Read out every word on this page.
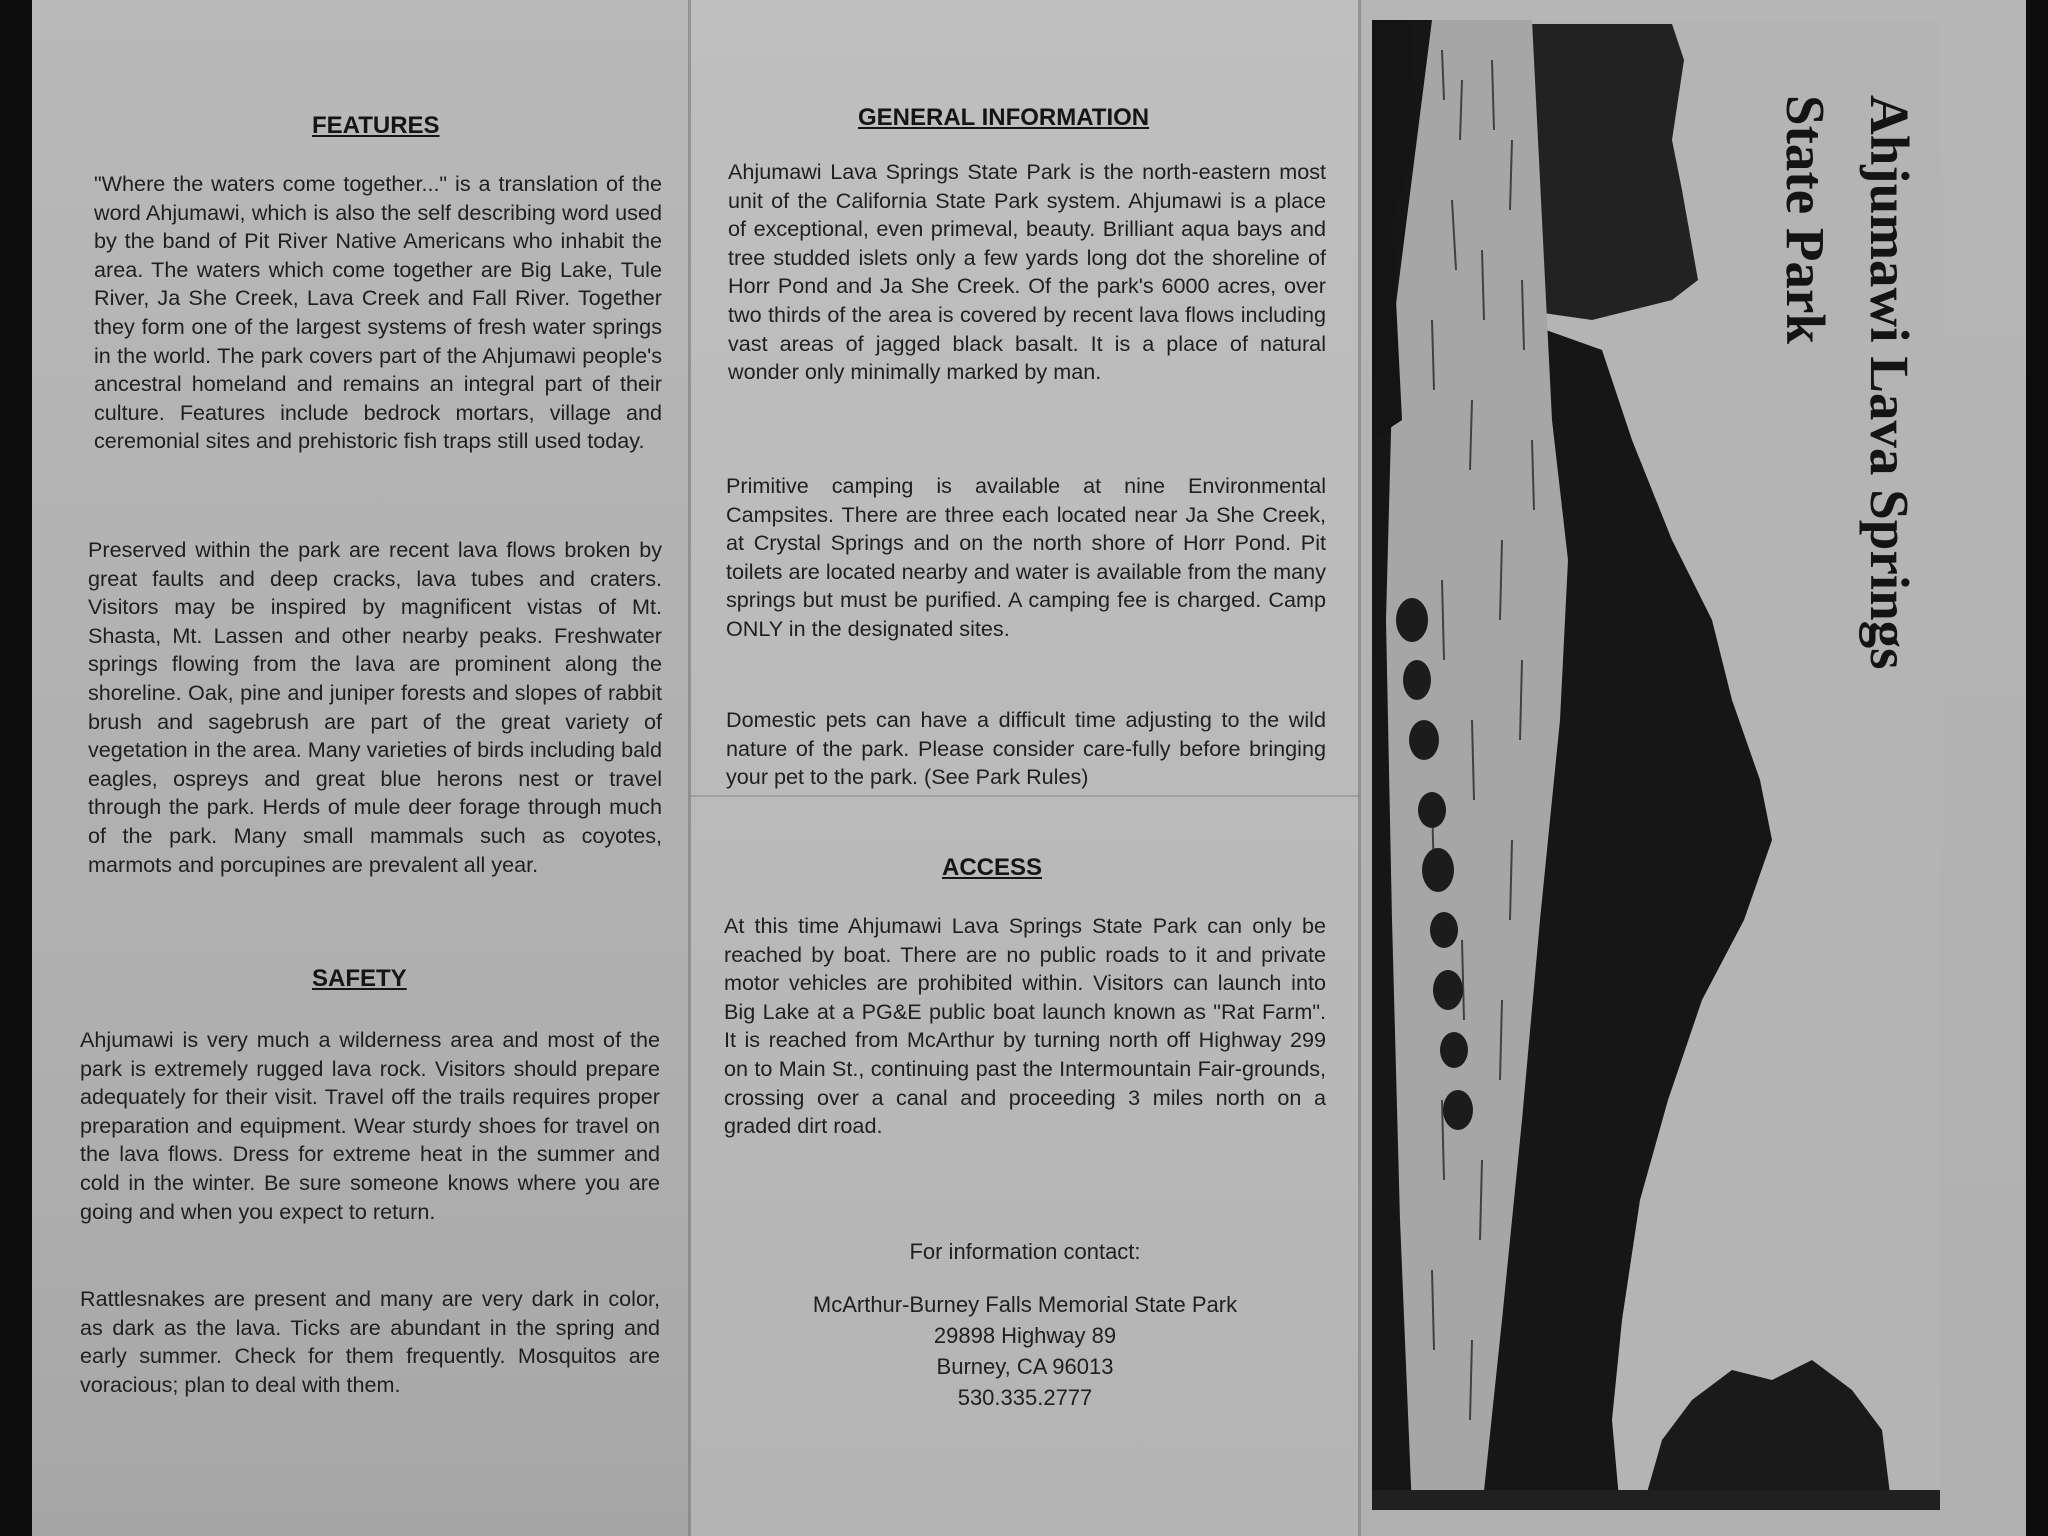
FEATURES

"Where the waters come together..." is a translation of the word Ahjumawi, which is also the self describing word used by the band of Pit River Native Americans who inhabit the area. The waters which come together are Big Lake, Tule River, Ja She Creek, Lava Creek and Fall River. Together they form one of the largest systems of fresh water springs in the world. The park covers part of the Ahjumawi people's ancestral homeland and remains an integral part of their culture. Features include bedrock mortars, village and ceremonial sites and prehistoric fish traps still used today.

Preserved within the park are recent lava flows broken by great faults and deep cracks, lava tubes and craters. Visitors may be inspired by magnificent vistas of Mt. Shasta, Mt. Lassen and other nearby peaks. Freshwater springs flowing from the lava are prominent along the shoreline. Oak, pine and juniper forests and slopes of rabbit brush and sagebrush are part of the great variety of vegetation in the area. Many varieties of birds including bald eagles, ospreys and great blue herons nest or travel through the park. Herds of mule deer forage through much of the park. Many small mammals such as coyotes, marmots and porcupines are prevalent all year.

SAFETY

Ahjumawi is very much a wilderness area and most of the park is extremely rugged lava rock. Visitors should prepare adequately for their visit. Travel off the trails requires proper preparation and equipment. Wear sturdy shoes for travel on the lava flows. Dress for extreme heat in the summer and cold in the winter. Be sure someone knows where you are going and when you expect to return.

Rattlesnakes are present and many are very dark in color, as dark as the lava. Ticks are abundant in the spring and early summer. Check for them frequently. Mosquitos are voracious; plan to deal with them.

GENERAL INFORMATION

Ahjumawi Lava Springs State Park is the north-eastern most unit of the California State Park system. Ahjumawi is a place of exceptional, even primeval, beauty. Brilliant aqua bays and tree studded islets only a few yards long dot the shoreline of Horr Pond and Ja She Creek. Of the park's 6000 acres, over two thirds of the area is covered by recent lava flows including vast areas of jagged black basalt. It is a place of natural wonder only minimally marked by man.

Primitive camping is available at nine Environmental Campsites. There are three each located near Ja She Creek, at Crystal Springs and on the north shore of Horr Pond. Pit toilets are located nearby and water is available from the many springs but must be purified. A camping fee is charged. Camp ONLY in the designated sites.

Domestic pets can have a difficult time adjusting to the wild nature of the park. Please consider care-fully before bringing your pet to the park. (See Park Rules)

ACCESS

At this time Ahjumawi Lava Springs State Park can only be reached by boat. There are no public roads to it and private motor vehicles are prohibited within. Visitors can launch into Big Lake at a PG&E public boat launch known as "Rat Farm". It is reached from McArthur by turning north off Highway 299 on to Main St., continuing past the Intermountain Fair-grounds, crossing over a canal and proceeding 3 miles north on a graded dirt road.

For information contact:
McArthur-Burney Falls Memorial State Park
29898 Highway 89
Burney, CA 96013
530.335.2777
Ahjumawi Lava Springs
State Park
